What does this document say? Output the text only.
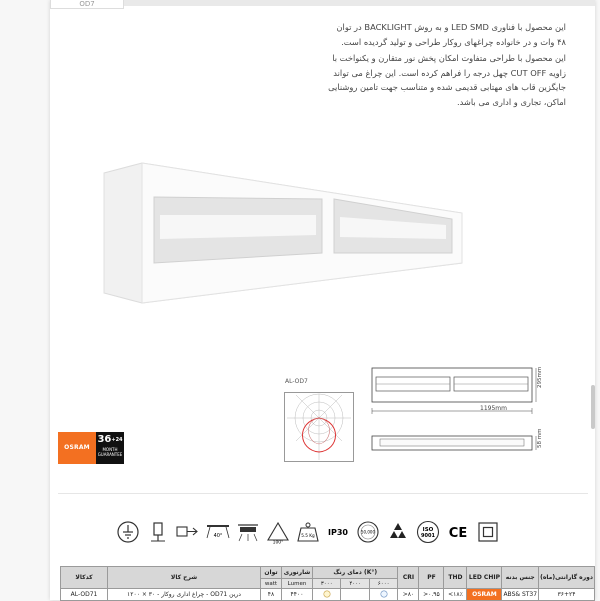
OD7

این محصول با فناوری LED SMD و به روش BACKLIGHT در توان ۴۸ وات و در خانواده چراغهای روکار طراحی و تولید گردیده است.

این محصول با طراحی متفاوت امکان پخش نور متقارن و یکنواخت با زاویه CUT OFF چهل درجه را فراهم کرده است. این چراغ می تواند جایگزین قاب های مهتابی قدیمی شده و متناسب جهت تامین روشنایی اماکن، تجاری و اداری می باشد.

AL-OD7
1195mm
295mm
58 mm
OSRAM
$36^{+24}$
MONTH
GUARANTEE
40°
100°
5.5 Kg IP30	50,000	ISO
9001 CE
کدکالا	شرح کالا	توان	شارنوری	دمای رنگ (K°)			CRI	PF	THD	LED CHIP	جنس بدنه	دوره گارانتی(ماه)
		watt	Lumen	۳۰۰۰	۴۰۰۰	۶۰۰۰						
AL-OD71	درین OD71 - چراغ اداری روکار - ۳۰ × ۱۲۰۰	۴۸	۴۴۰۰				>۸۰	>۰.۹۵	<۱۸٪	OSRAM	ABS& ST37	۳۶+۲۴
